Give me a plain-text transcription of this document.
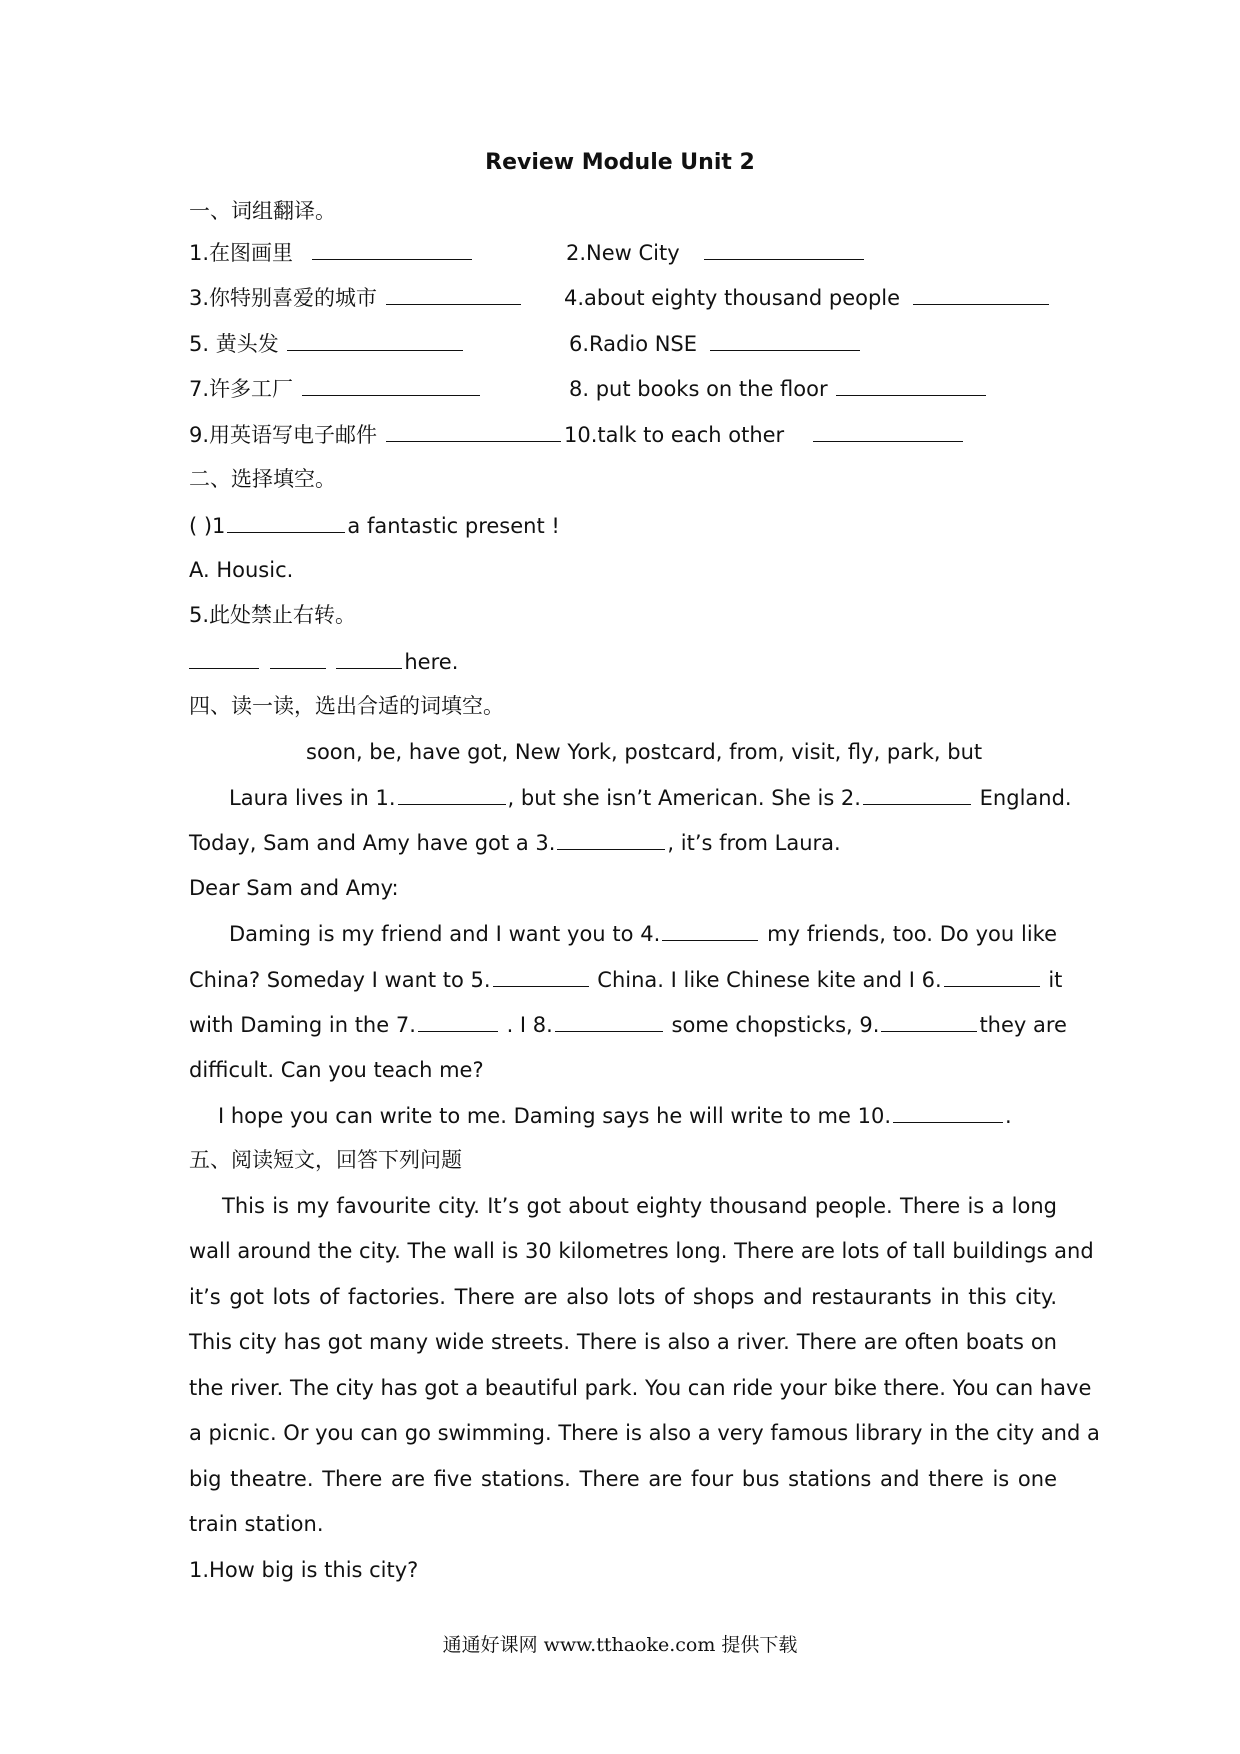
Review Module Unit 2
一、词组翻译。
1.在图画里	2.New City
3.你特别喜爱的城市	4.about eighty thousand people
5. 黄头发	6.Radio NSE
7.许多工厂	8. put books on the floor
9.用英语写电子邮件	10.talk to each other
二、选择填空。
( )1	a fantastic present !
A. Housic.
5.此处禁止右转。
here.
四、读一读，选出合适的词填空。
soon, be, have got, New York, postcard, from, visit, fly, park, but
Laura lives in 1.	, but she isn’t American. She is 2.	England.
Today, Sam and Amy have got a 3.	, it’s from Laura.
Dear Sam and Amy:
Daming is my friend and I want you to 4.	my friends, too. Do you like
China? Someday I want to 5.	China. I like Chinese kite and I 6.	it
with Daming in the 7.	. I 8.	some chopsticks, 9.	they are
difficult. Can you teach me?
I hope you can write to me. Daming says he will write to me 10.	.
五、阅读短文，回答下列问题
This is my favourite city. It’s got about eighty thousand people. There is a long
wall around the city. The wall is 30 kilometres long. There are lots of tall buildings and
it’s got lots of factories. There are also lots of shops and restaurants in this city.
This city has got many wide streets. There is also a river. There are often boats on
the river. The city has got a beautiful park. You can ride your bike there. You can have
a picnic. Or you can go swimming. There is also a very famous library in the city and a
big theatre. There are five stations. There are four bus stations and there is one
train station.
1.How big is this city?
通通好课网 www.tthaoke.com 提供下载
